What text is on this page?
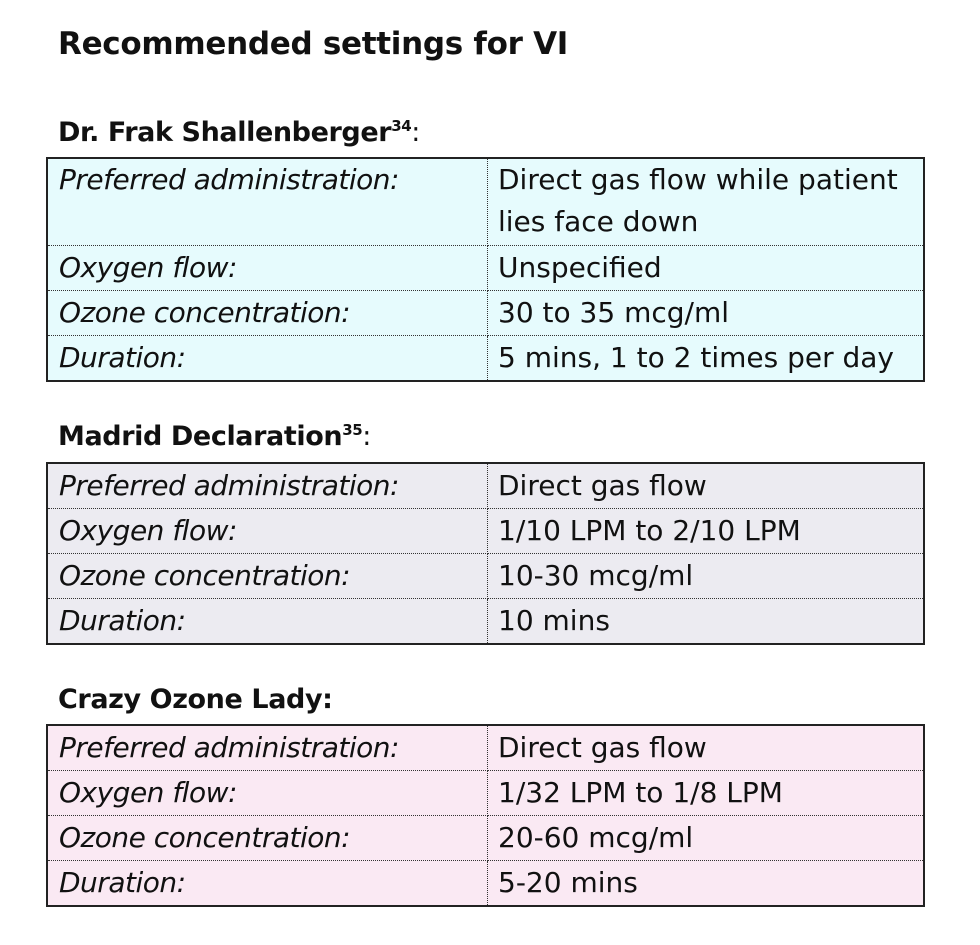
Recommended settings for VI
Dr. Frak Shallenberger$^{34}$:
Preferred administration:	Direct gas flow while patient lies face down
Oxygen flow:	Unspecified
Ozone concentration:	30 to 35 mcg/ml
Duration:	5 mins, 1 to 2 times per day
Madrid Declaration$^{35}$:
Preferred administration:	Direct gas flow
Oxygen flow:	1/10 LPM to 2/10 LPM
Ozone concentration:	10-30 mcg/ml
Duration:	10 mins
Crazy Ozone Lady:
Preferred administration:	Direct gas flow
Oxygen flow:	1/32 LPM to 1/8 LPM
Ozone concentration:	20-60 mcg/ml
Duration:	5-20 mins
